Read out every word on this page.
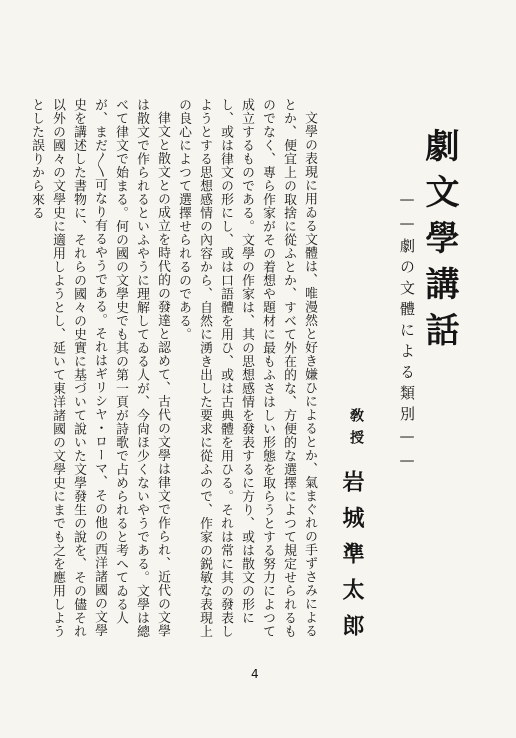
劇文學講話
——劇の文體による類別——
敎授
岩城準太郎

文學の表現に用ゐる文體は、唯漫然と好き嫌ひによるとか、氣まぐれの手ずさみによるとか、便宜上の取捨に從ふとか、すべて外在的な、方便的な選擇によつて規定せられるものでなく、專ら作家がその着想や題材に最もふさはしい形態を取らうとする努力によつて成立するものである。文學の作家は、其の思想感情を發表するに方り、或は散文の形にし、或は律文の形にし、或は口語體を用ひ、或は古典體を用ひる。それは常に其の發表しようとする思想感情の內容から、自然に湧き出した要求に從ふので、作家の鋭敏な表現上の良心によつて選擇せられるのである。

律文と散文との成立を時代的の發達と認めて、古代の文學は律文で作られ、近代の文學は散文で作られるといふやうに理解してゐる人が、今尙ほ少くないやうである。文學は總べて律文で始まる。何の國の文學史でも其の第一頁が詩歌で占められると考へてゐる人が、まだ〳〵可なり有るやうである。それはギリシヤ・ローマ、その他の西洋諸國の文學史を講述した書物に、それらの國々の史實に基づいて說いた文學發生の說を、その儘それ以外の國々の文學史に適用しようとし、延いて東洋諸國の文學史にまでも之を應用しようとした誤りから來る

4
